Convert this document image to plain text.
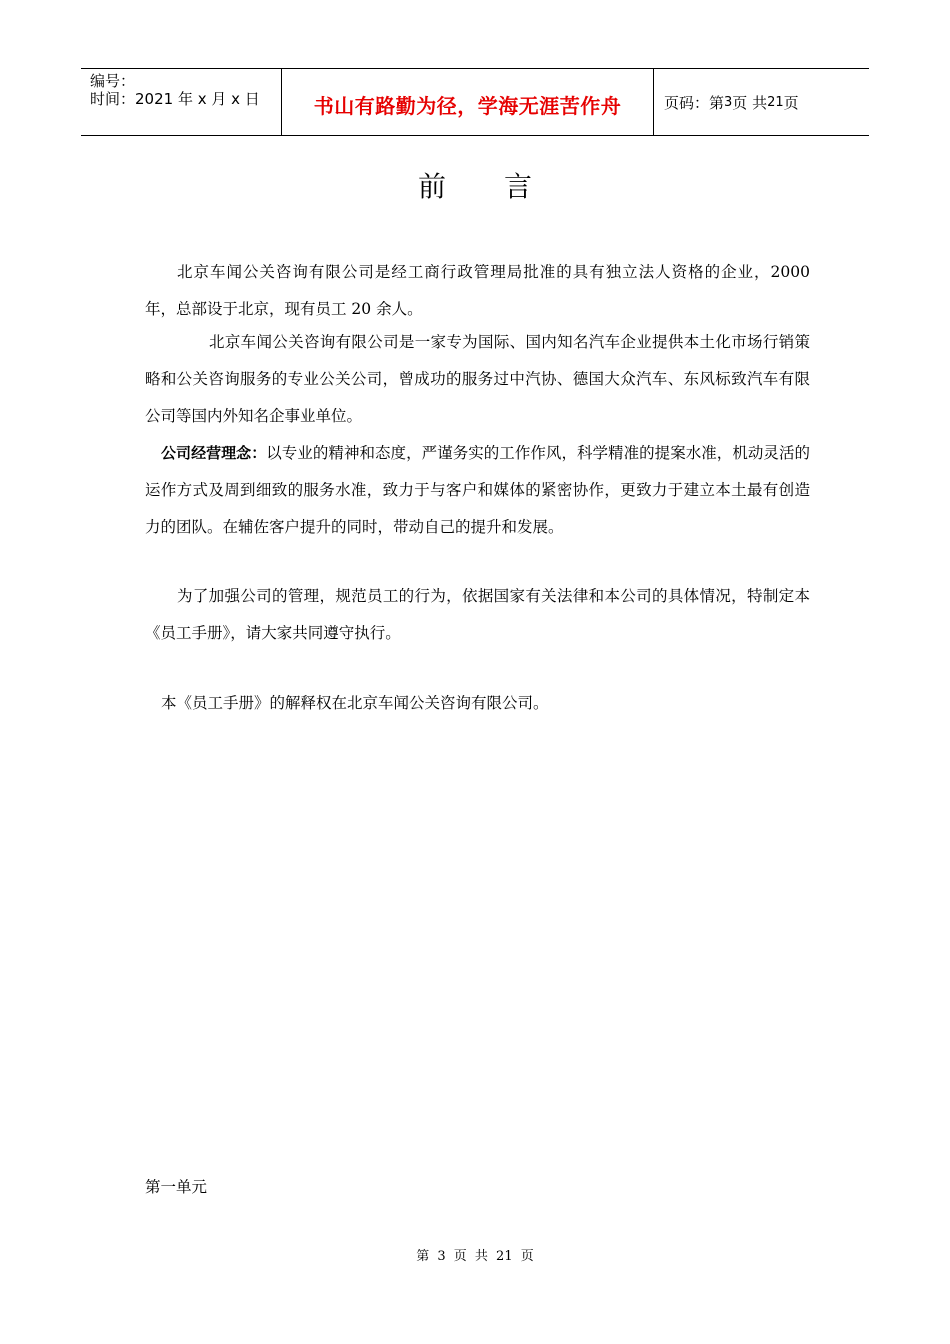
编号：
时间：2021 年 x 月 x 日	书山有路勤为径，学海无涯苦作舟	页码：第 3 页 共 21 页
前言
北京车闻公关咨询有限公司是经工商行政管理局批准的具有独立法人资格的企业，2000 年，总部设于北京，现有员工 20 余人。
北京车闻公关咨询有限公司是一家专为国际、国内知名汽车企业提供本土化市场行销策略和公关咨询服务的专业公关公司，曾成功的服务过中汽协、德国大众汽车、东风标致汽车有限公司等国内外知名企事业单位。
公司经营理念：以专业的精神和态度，严谨务实的工作作风，科学精准的提案水准，机动灵活的运作方式及周到细致的服务水准，致力于与客户和媒体的紧密协作，更致力于建立本土最有创造力的团队。在辅佐客户提升的同时，带动自己的提升和发展。
为了加强公司的管理，规范员工的行为，依据国家有关法律和本公司的具体情况，特制定本《员工手册》，请大家共同遵守执行。
本《员工手册》的解释权在北京车闻公关咨询有限公司。
第一单元
第 3 页 共 21 页
